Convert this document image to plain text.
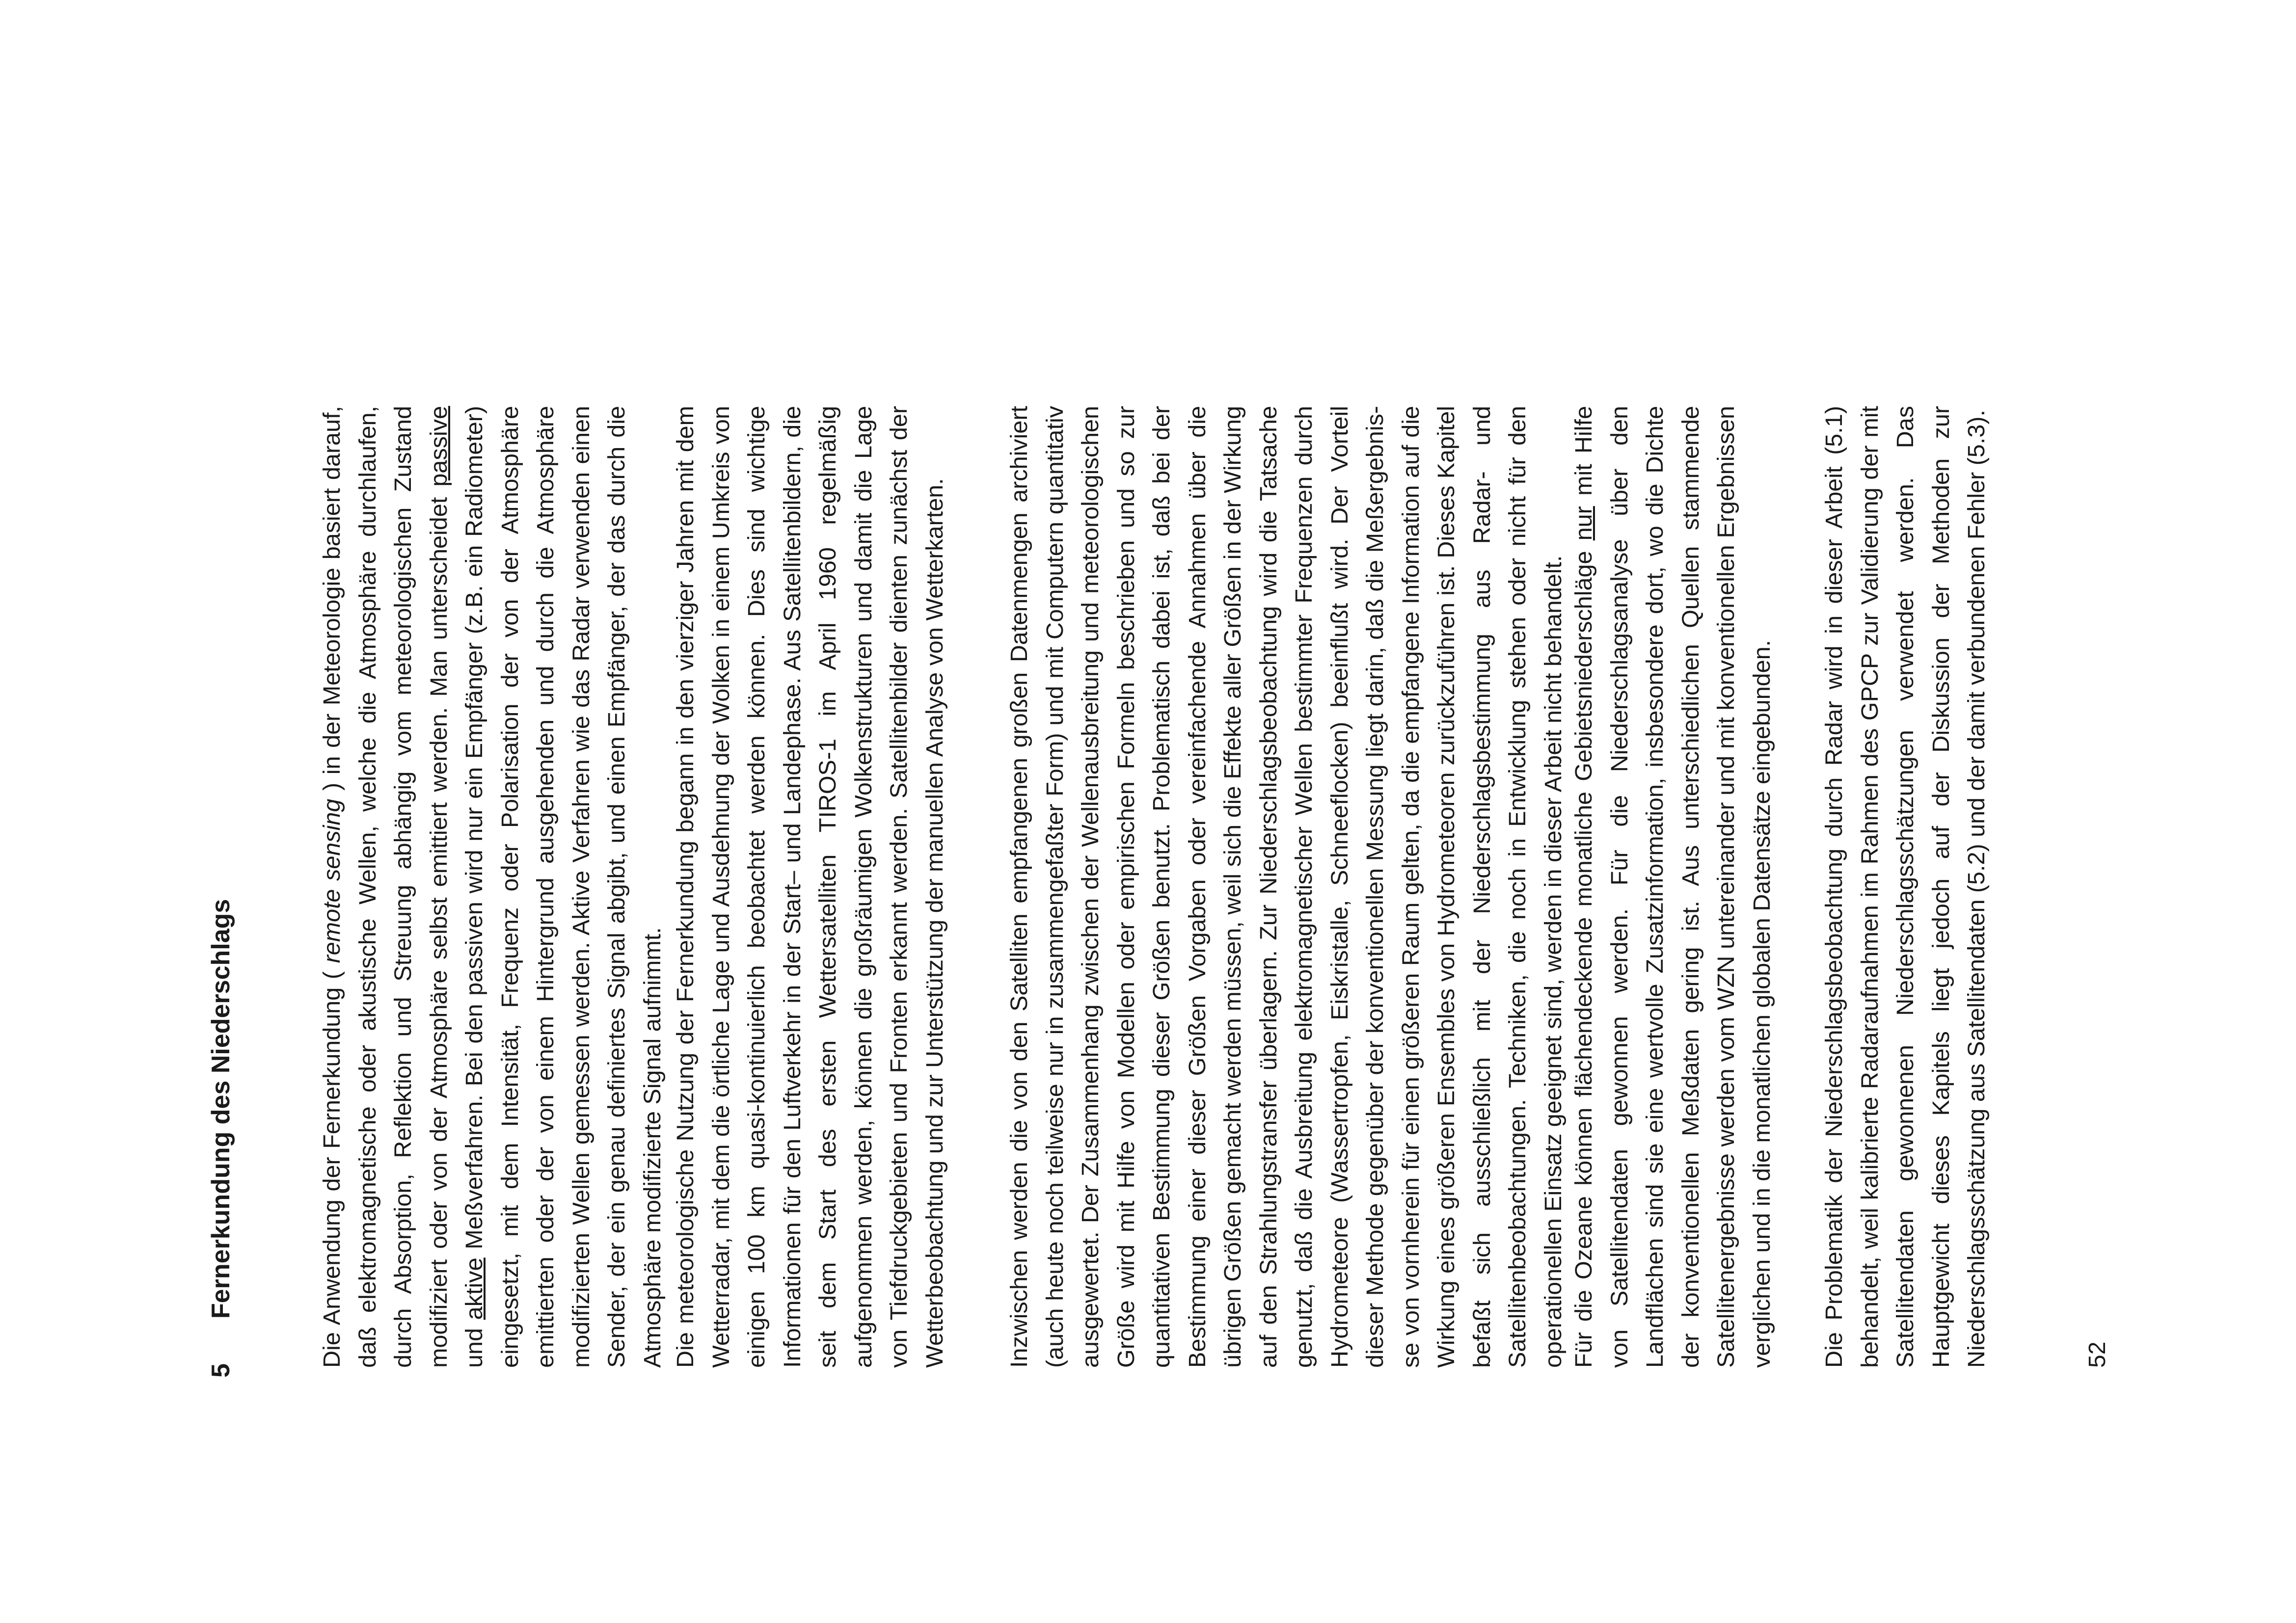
5Fernerkundung des Niederschlags	Die Anwendung der Fernerkundung ( remote sensing ) in der Meteorologie basiert darauf, daß elektromagnetische oder akustische Wellen, welche die Atmosphäre durchlaufen, durch Absorption, Reflektion und Streuung abhängig vom meteorologischen Zustand modifiziert oder von der Atmosphäre selbst emittiert werden. Man unterscheidet passive und aktive Meßverfahren. Bei den passiven wird nur ein Empfänger (z.B. ein Radiometer) eingesetzt, mit dem Intensität, Frequenz oder Polarisation der von der Atmosphäre emittierten oder der von einem Hintergrund ausgehenden und durch die Atmosphäre modifizierten Wellen gemessen werden. Aktive Verfahren wie das Radar verwenden einen Sender, der ein genau definiertes Signal abgibt, und einen Empfänger, der das durch die Atmosphäre modifizierte Signal aufnimmt. Die meteorologische Nutzung der Fernerkundung begann in den vierziger Jahren mit dem Wetterradar, mit dem die örtliche Lage und Ausdehnung der Wolken in einem Umkreis von einigen 100 km quasi-kontinuierlich beobachtet werden können. Dies sind wichtige Informationen für den Luftverkehr in der Start– und Landephase. Aus Satellitenbildern, die seit dem Start des ersten Wettersatelliten TIROS-1 im April 1960 regelmäßig aufgenommen werden, können die großräumigen Wolkenstrukturen und damit die Lage von Tiefdruckgebieten und Fronten erkannt werden. Satellitenbilder dienten zunächst der Wetterbeobachtung und zur Unterstützung der manuellen Analyse von Wetterkarten. Inzwischen werden die von den Satelliten empfangenen großen Datenmengen archiviert (auch heute noch teilweise nur in zusammengefaßter Form) und mit Computern quantitativ ausgewertet. Der Zusammenhang zwischen der Wellenausbreitung und meteorologischen Größe wird mit Hilfe von Modellen oder empirischen Formeln beschrieben und so zur quantitativen Bestimmung dieser Größen benutzt. Problematisch dabei ist, daß bei der Bestimmung einer dieser Größen Vorgaben oder vereinfachende Annahmen über die übrigen Größen gemacht werden müssen, weil sich die Effekte aller Größen in der Wirkung auf den Strahlungstransfer überlagern. Zur Niederschlagsbeobachtung wird die Tatsache genutzt, daß die Ausbreitung elektromagnetischer Wellen bestimmter Frequenzen durch Hydrometeore (Wassertropfen, Eiskristalle, Schneeflocken) beeinflußt wird. Der Vorteil dieser Methode gegenüber der konventionellen Messung liegt darin, daß die Meßergebnisse von vornherein für einen größeren Raum gelten, da die empfangene Information auf die Wirkung eines größeren Ensembles von Hydrometeoren zurückzuführen ist. Dieses Kapitel befaßt sich ausschließlich mit der Niederschlagsbestimmung aus Radar- und Satellitenbeobachtungen. Techniken, die noch in Entwicklung stehen oder nicht für den operationellen Einsatz geeignet sind, werden in dieser Arbeit nicht behandelt. Für die Ozeane können flächendeckende monatliche Gebietsniederschläge nur mit Hilfe von Satellitendaten gewonnen werden. Für die Niederschlagsanalyse über den Landflächen sind sie eine wertvolle Zusatzinformation, insbesondere dort, wo die Dichte der konventionellen Meßdaten gering ist. Aus unterschiedlichen Quellen stammende Satellitenergebnisse werden vom WZN untereinander und mit konventionellen Ergebnissen verglichen und in die monatlichen globalen Datensätze eingebunden. Die Problematik der Niederschlagsbeobachtung durch Radar wird in dieser Arbeit (5.1) behandelt, weil kalibrierte Radaraufnahmen im Rahmen des GPCP zur Validierung der mit Satellitendaten gewonnenen Niederschlagsschätzungen verwendet werden. Das Hauptgewicht dieses Kapitels liegt jedoch auf der Diskussion der Methoden zur Niederschlagsschätzung aus Satellitendaten (5.2) und der damit verbundenen Fehler (5.3).	52
